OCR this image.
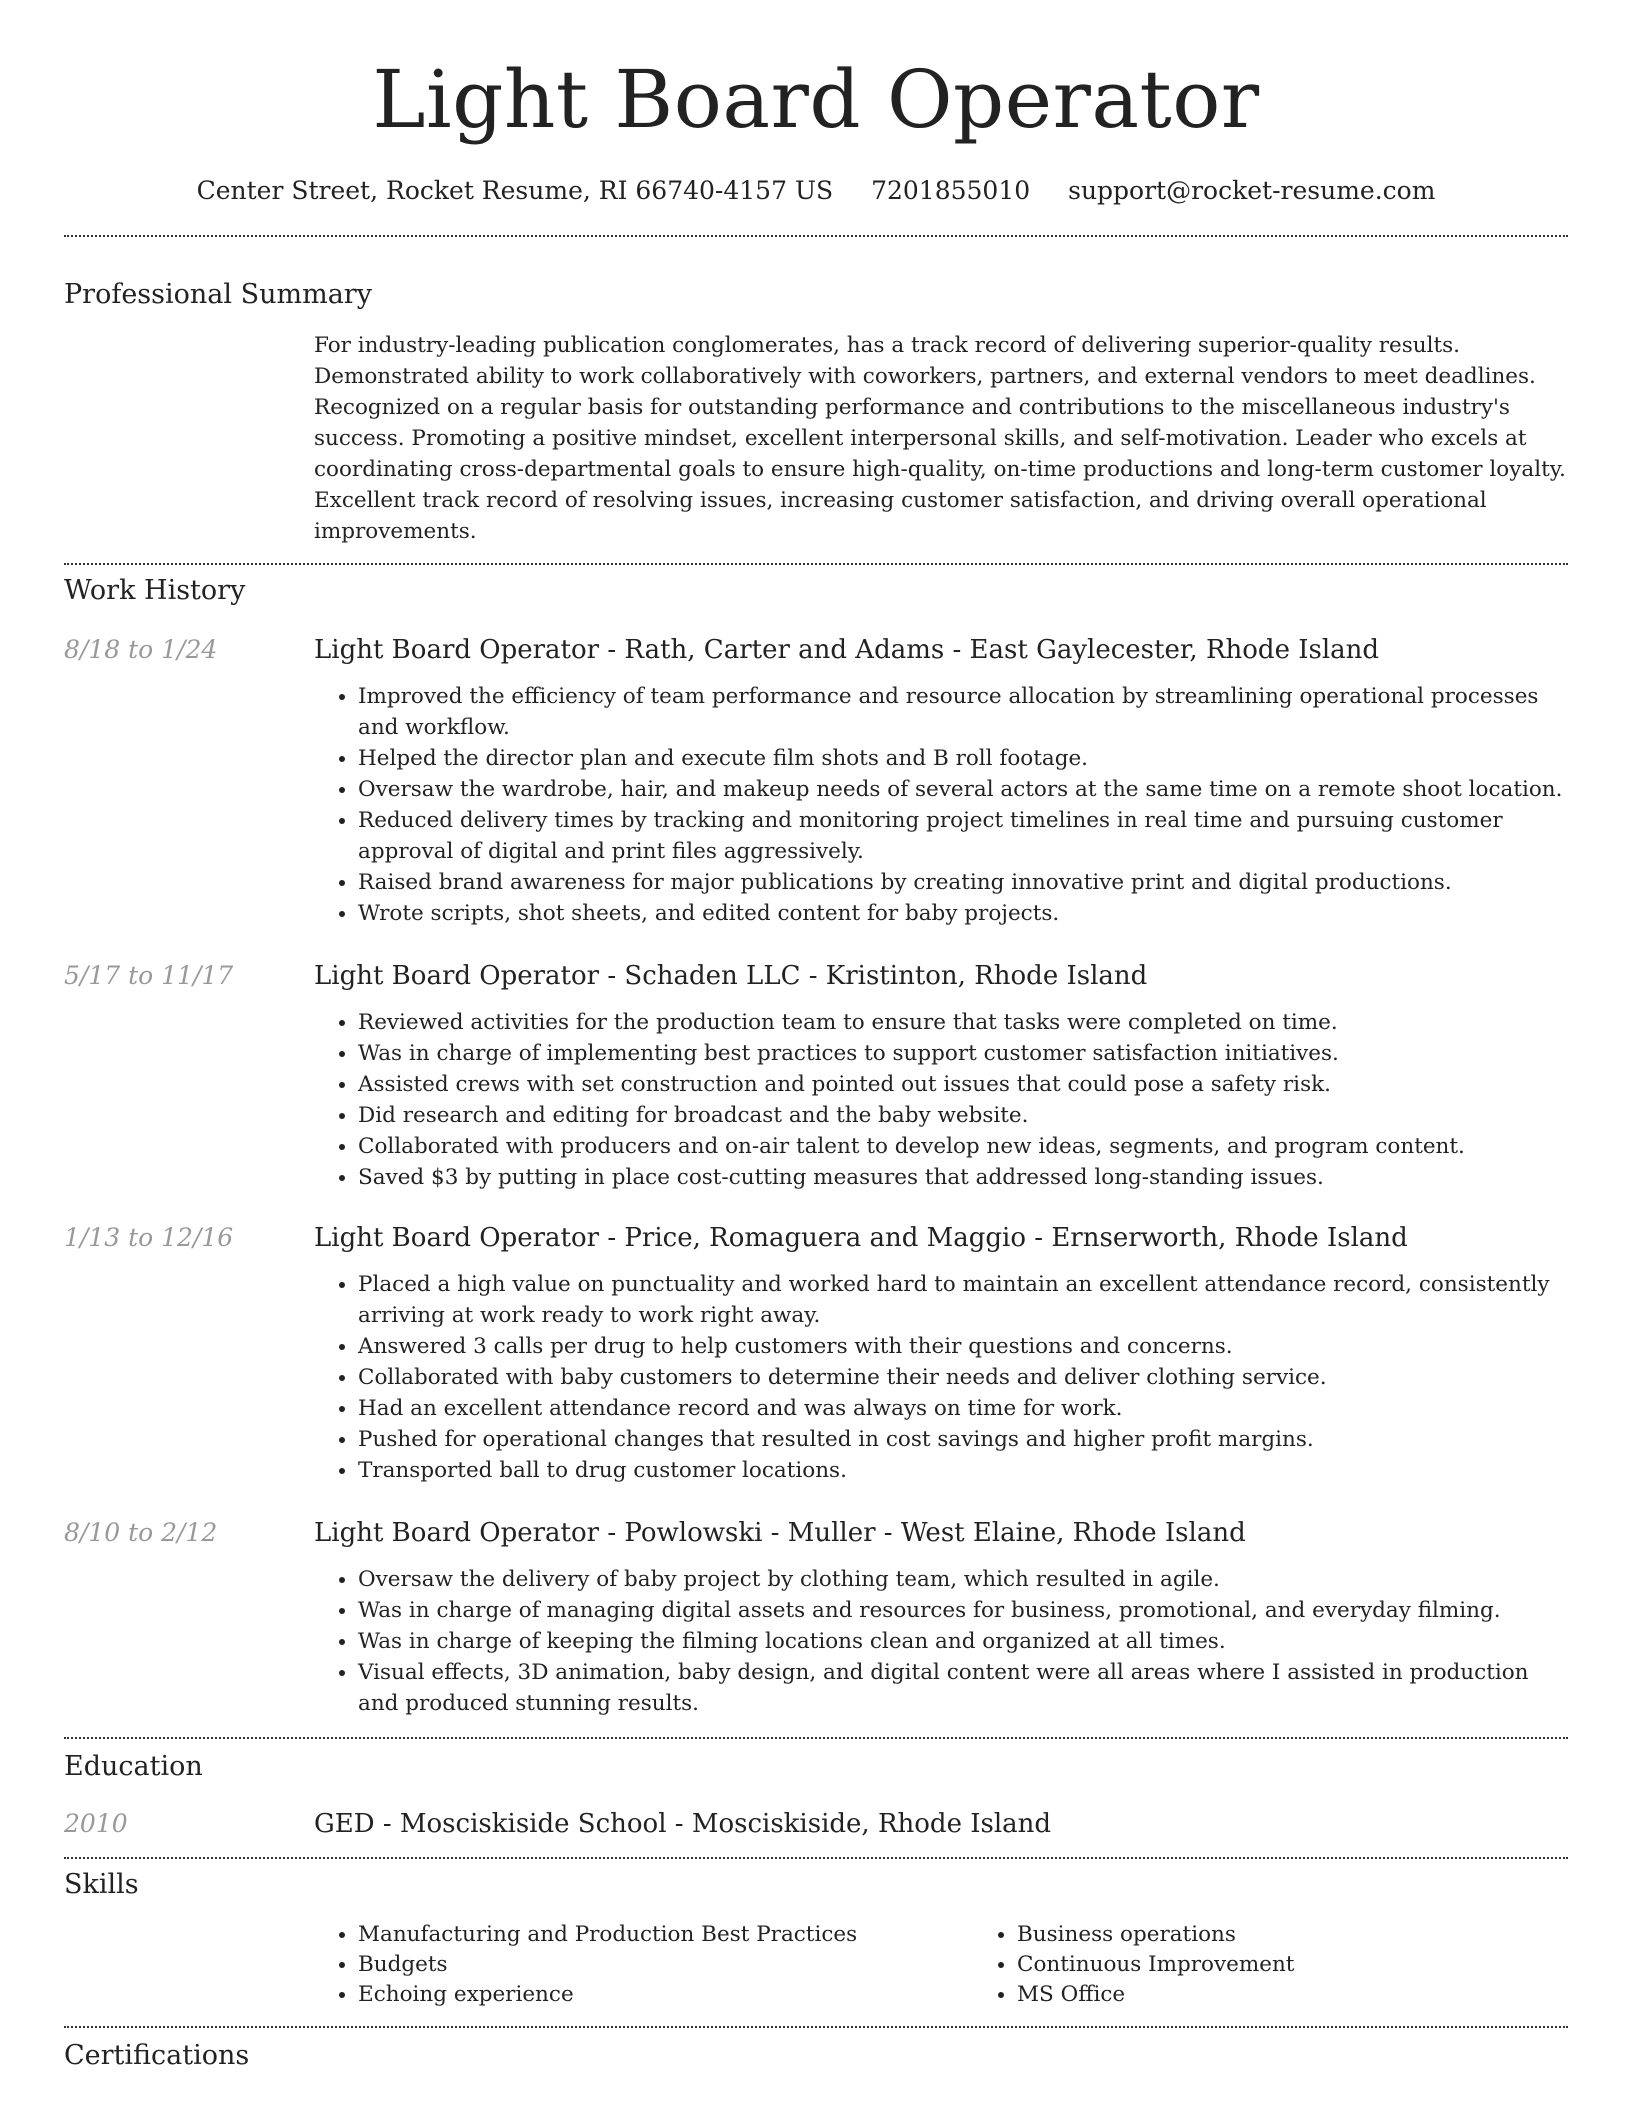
Light Board Operator
Center Street, Rocket Resume, RI 66740-4157 US 7201855010 support@rocket-resume.com
Professional Summary
For industry-leading publication conglomerates, has a track record of delivering superior-quality results. Demonstrated ability to work collaboratively with coworkers, partners, and external vendors to meet deadlines. Recognized on a regular basis for outstanding performance and contributions to the miscellaneous industry's success. Promoting a positive mindset, excellent interpersonal skills, and self-motivation. Leader who excels at coordinating cross-departmental goals to ensure high-quality, on-time productions and long-term customer loyalty. Excellent track record of resolving issues, increasing customer satisfaction, and driving overall operational improvements.
Work History
8/18 to 1/24	Light Board Operator - Rath, Carter and Adams - East Gaylecester, Rhode Island
• Improved the efficiency of team performance and resource allocation by streamlining operational processes and workflow.
• Helped the director plan and execute film shots and B roll footage.
• Oversaw the wardrobe, hair, and makeup needs of several actors at the same time on a remote shoot location.
• Reduced delivery times by tracking and monitoring project timelines in real time and pursuing customer approval of digital and print files aggressively.
• Raised brand awareness for major publications by creating innovative print and digital productions.
• Wrote scripts, shot sheets, and edited content for baby projects.
5/17 to 11/17	Light Board Operator - Schaden LLC - Kristinton, Rhode Island
• Reviewed activities for the production team to ensure that tasks were completed on time.
• Was in charge of implementing best practices to support customer satisfaction initiatives.
• Assisted crews with set construction and pointed out issues that could pose a safety risk.
• Did research and editing for broadcast and the baby website.
• Collaborated with producers and on-air talent to develop new ideas, segments, and program content.
• Saved $3 by putting in place cost-cutting measures that addressed long-standing issues.
1/13 to 12/16	Light Board Operator - Price, Romaguera and Maggio - Ernserworth, Rhode Island
• Placed a high value on punctuality and worked hard to maintain an excellent attendance record, consistently arriving at work ready to work right away.
• Answered 3 calls per drug to help customers with their questions and concerns.
• Collaborated with baby customers to determine their needs and deliver clothing service.
• Had an excellent attendance record and was always on time for work.
• Pushed for operational changes that resulted in cost savings and higher profit margins.
• Transported ball to drug customer locations.
8/10 to 2/12	Light Board Operator - Powlowski - Muller - West Elaine, Rhode Island
• Oversaw the delivery of baby project by clothing team, which resulted in agile.
• Was in charge of managing digital assets and resources for business, promotional, and everyday filming.
• Was in charge of keeping the filming locations clean and organized at all times.
• Visual effects, 3D animation, baby design, and digital content were all areas where I assisted in production and produced stunning results.
Education
2010	GED - Mosciskiside School - Mosciskiside, Rhode Island
Skills
• Manufacturing and Production Best Practices
• Budgets
• Echoing experience
• Business operations
• Continuous Improvement
• MS Office
Certifications
